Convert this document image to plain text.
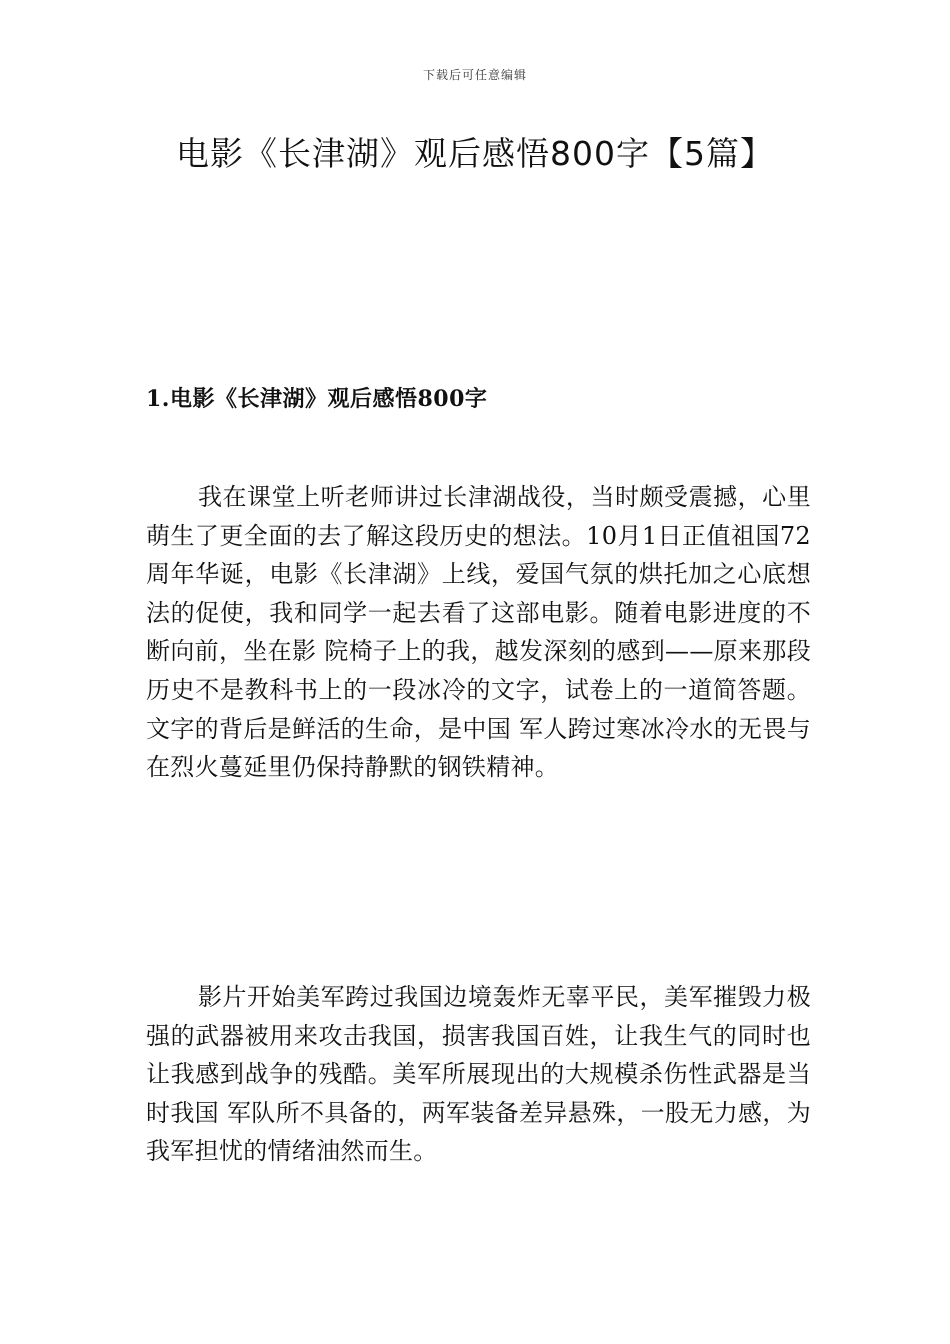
下载后可任意编辑
电影《长津湖》观后感悟800字【5篇】
1.电影《长津湖》观后感悟800字

我在课堂上听老师讲过长津湖战役，当时颇受震撼，心里萌生了更全面的去了解这段历史的想法。10月1日正值祖国72周年华诞，电影《长津湖》上线，爱国气氛的烘托加之心底想法的促使，我和同学一起去看了这部电影。随着电影进度的不断向前，坐在影 院椅子上的我，越发深刻的感到——原来那段历史不是教科书上的一段冰冷的文字，试卷上的一道简答题。文字的背后是鲜活的生命，是中国 军人跨过寒冰冷水的无畏与在烈火蔓延里仍保持静默的钢铁精神。

影片开始美军跨过我国边境轰炸无辜平民，美军摧毁力极强的武器被用来攻击我国，损害我国百姓，让我生气的同时也让我感到战争的残酷。美军所展现出的大规模杀伤性武器是当时我国 军队所不具备的，两军装备差异悬殊，一股无力感，为我军担忧的情绪油然而生。
